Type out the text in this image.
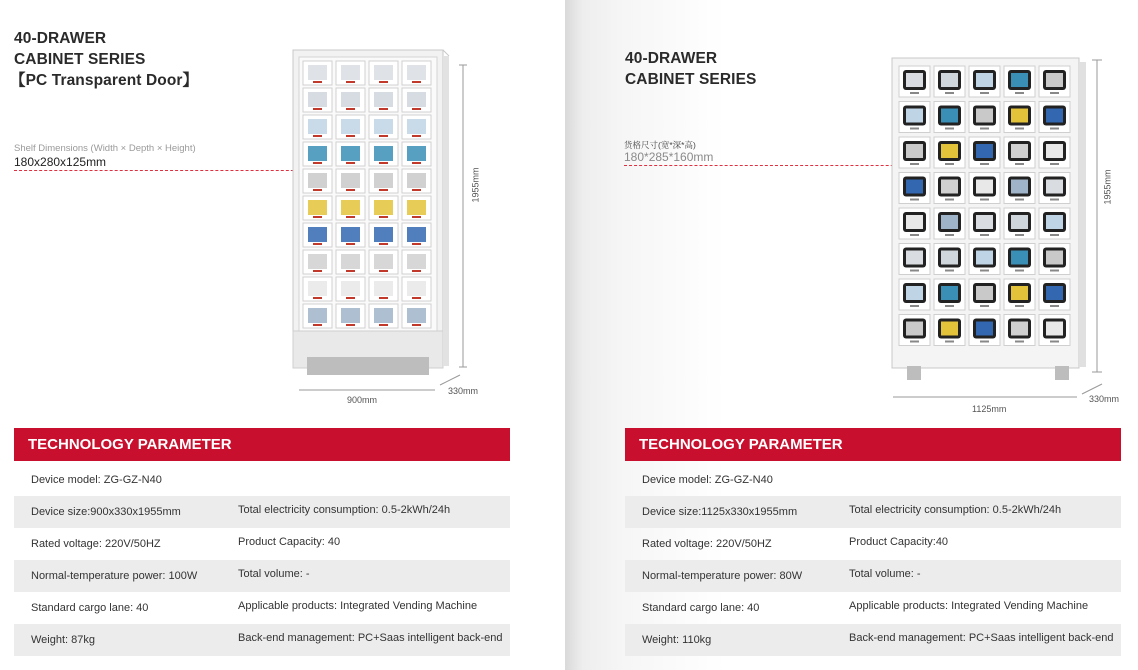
40-DRAWER
CABINET SERIES
【PC Transparent Door】
Shelf Dimensions (Width × Depth × Height)
180x280x125mm
1955mm
900mm
330mm
TECHNOLOGY PARAMETER
Device model: ZG-GZ-N40
Device size:900x330x1955mm	Total electricity consumption: 0.5-2kWh/24h
Rated voltage: 220V/50HZ	Product Capacity: 40
Normal-temperature power: 100W	Total volume: -
Standard cargo lane: 40	Applicable products: Integrated Vending Machine
Weight: 87kg	Back-end management: PC+Saas intelligent back-end
40-DRAWER
CABINET SERIES
货格尺寸(宽*深*高)
180*285*160mm
1955mm
1125mm
330mm
TECHNOLOGY PARAMETER
Device model: ZG-GZ-N40
Device size:1125x330x1955mm	Total electricity consumption: 0.5-2kWh/24h
Rated voltage: 220V/50HZ	Product Capacity:40
Normal-temperature power: 80W	Total volume: -
Standard cargo lane: 40	Applicable products: Integrated Vending Machine
Weight: 110kg	Back-end management: PC+Saas intelligent back-end
